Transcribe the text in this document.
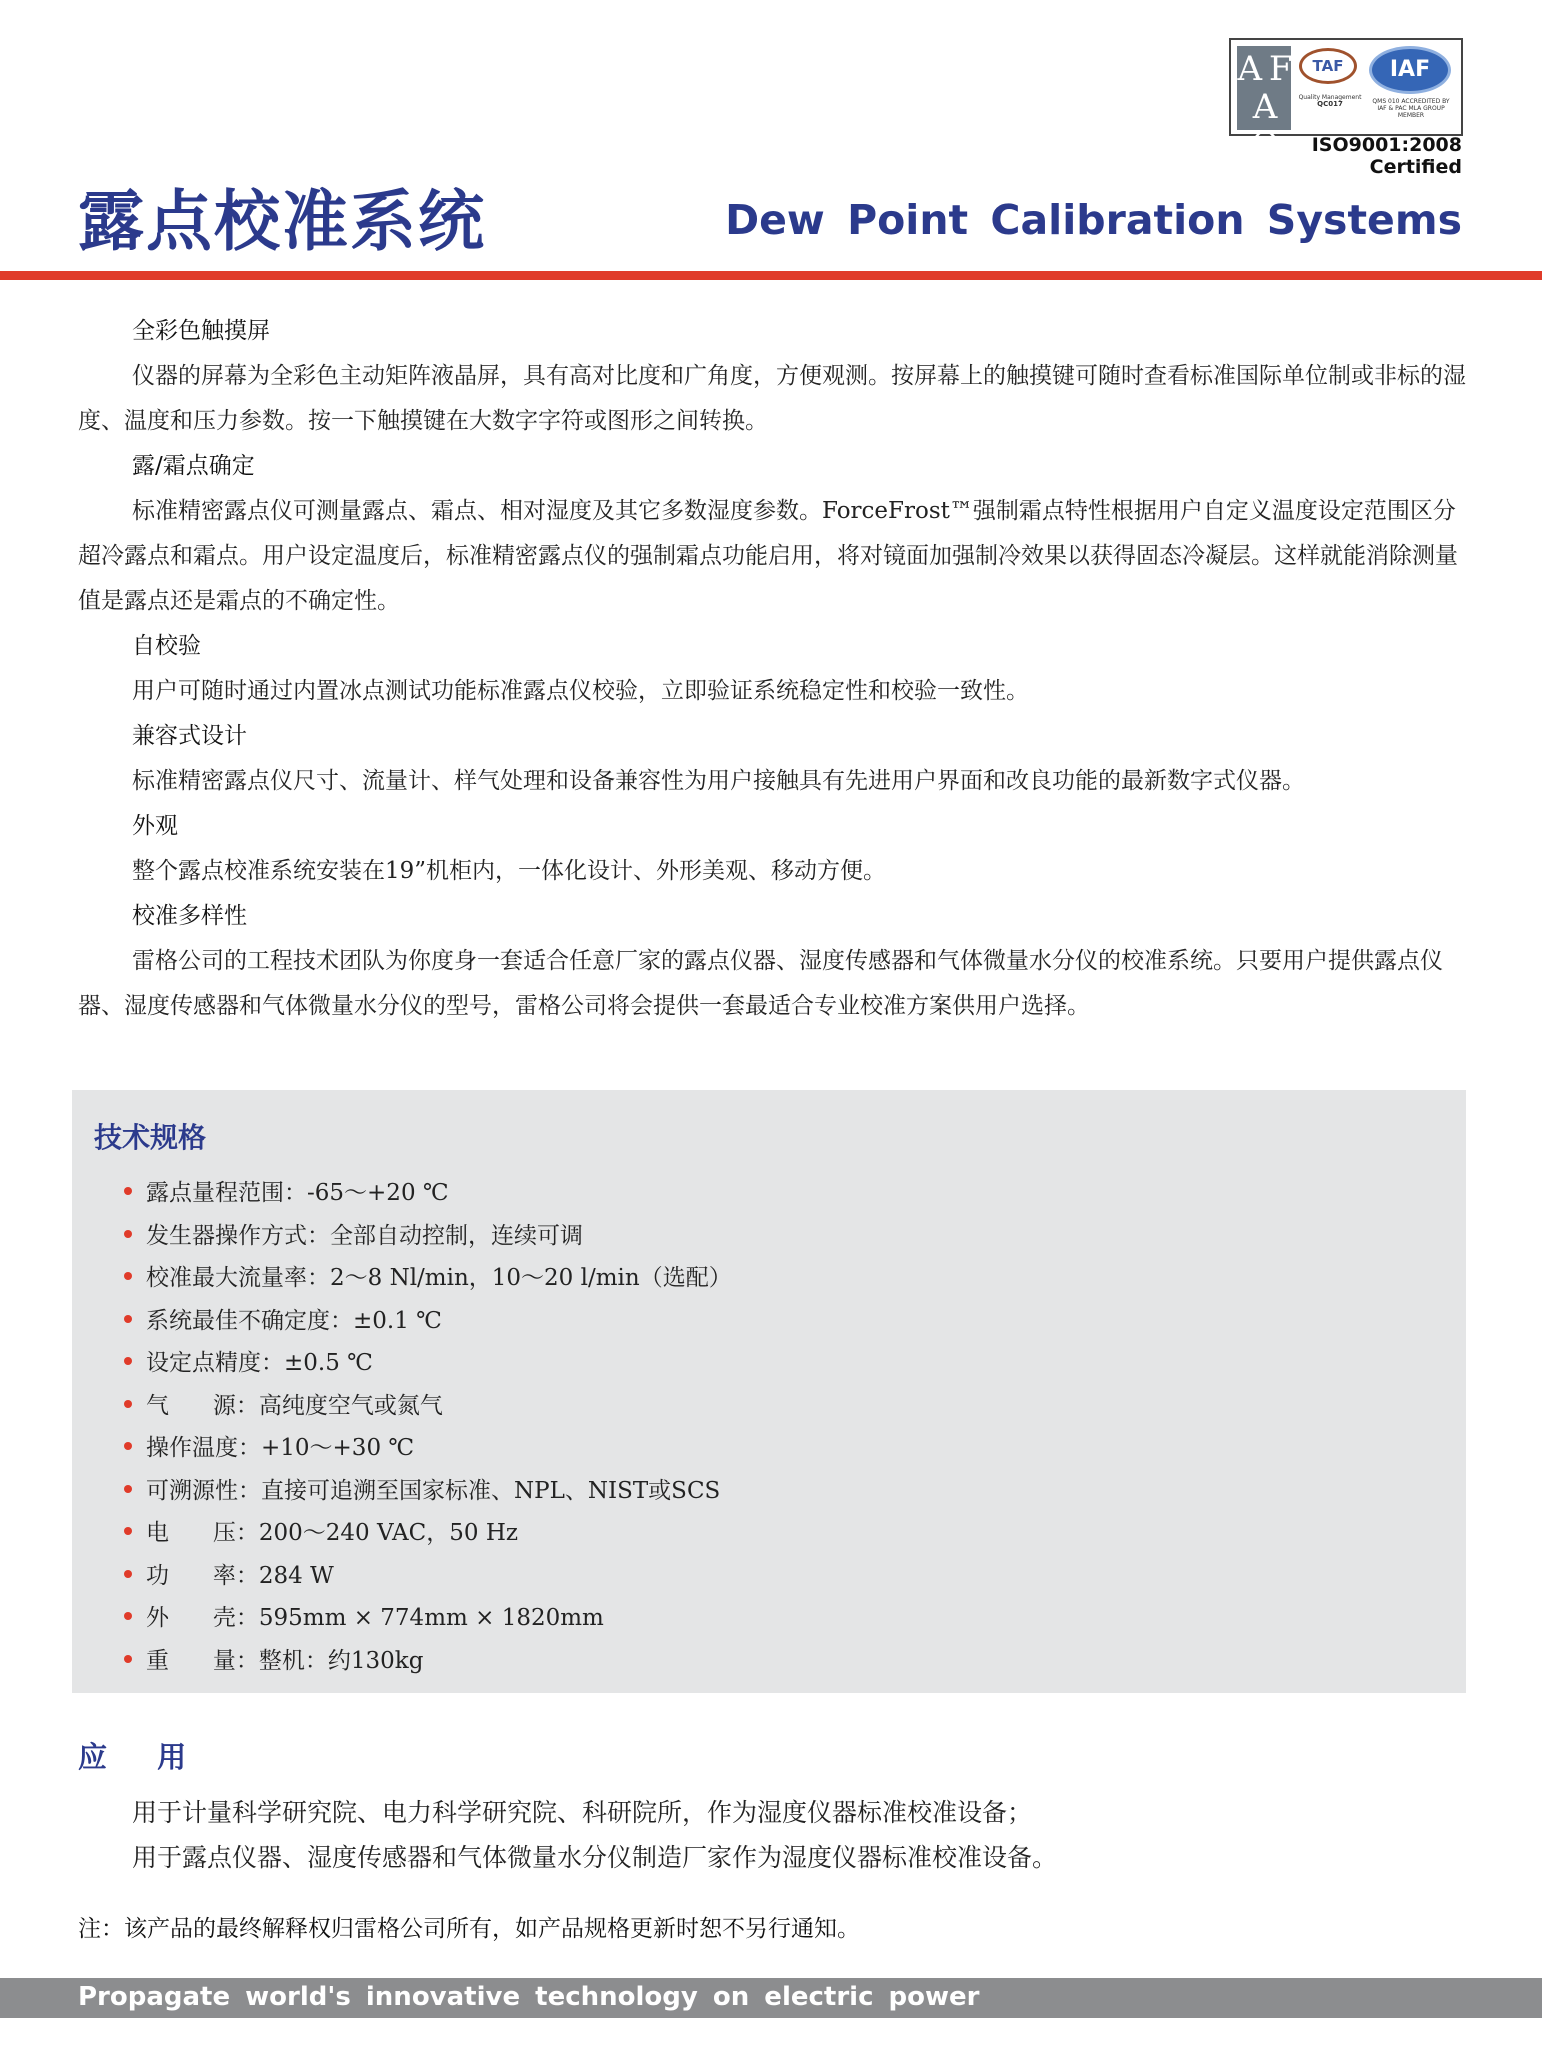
A F
A Q
TAF
Quality Management
QC017
IAF
QMS 010 ACCREDITED BY IAF & PAC MLA GROUP MEMBER
ISO9001:2008 Certified
露点校准系统	Dew Point Calibration Systems
全彩色触摸屏
仪器的屏幕为全彩色主动矩阵液晶屏，具有高对比度和广角度，方便观测。按屏幕上的触摸键可随时查看标准国际单位制或非标的湿度、温度和压力参数。按一下触摸键在大数字字符或图形之间转换。
露/霜点确定
标准精密露点仪可测量露点、霜点、相对湿度及其它多数湿度参数。ForceFrost™强制霜点特性根据用户自定义温度设定范围区分超冷露点和霜点。用户设定温度后，标准精密露点仪的强制霜点功能启用，将对镜面加强制冷效果以获得固态冷凝层。这样就能消除测量值是露点还是霜点的不确定性。
自校验
用户可随时通过内置冰点测试功能标准露点仪校验，立即验证系统稳定性和校验一致性。
兼容式设计
标准精密露点仪尺寸、流量计、样气处理和设备兼容性为用户接触具有先进用户界面和改良功能的最新数字式仪器。
外观
整个露点校准系统安装在19”机柜内，一体化设计、外形美观、移动方便。
校准多样性
雷格公司的工程技术团队为你度身一套适合任意厂家的露点仪器、湿度传感器和气体微量水分仪的校准系统。只要用户提供露点仪器、湿度传感器和气体微量水分仪的型号，雷格公司将会提供一套最适合专业校准方案供用户选择。
技术规格
露点量程范围：-65～+20 ℃
发生器操作方式：全部自动控制，连续可调
校准最大流量率：2～8 Nl/min，10～20 l/min（选配）
系统最佳不确定度：±0.1 ℃
设定点精度：±0.5 ℃
气      源：高纯度空气或氮气
操作温度：+10～+30 ℃
可溯源性：直接可追溯至国家标准、NPL、NIST或SCS
电      压：200～240 VAC，50 Hz
功      率：284 W
外      壳：595mm × 774mm × 1820mm
重      量：整机：约130kg
应 用

用于计量科学研究院、电力科学研究院、科研院所，作为湿度仪器标准校准设备；

用于露点仪器、湿度传感器和气体微量水分仪制造厂家作为湿度仪器标准校准设备。

注：该产品的最终解释权归雷格公司所有，如产品规格更新时恕不另行通知。
Propagate world's innovative technology on electric power
